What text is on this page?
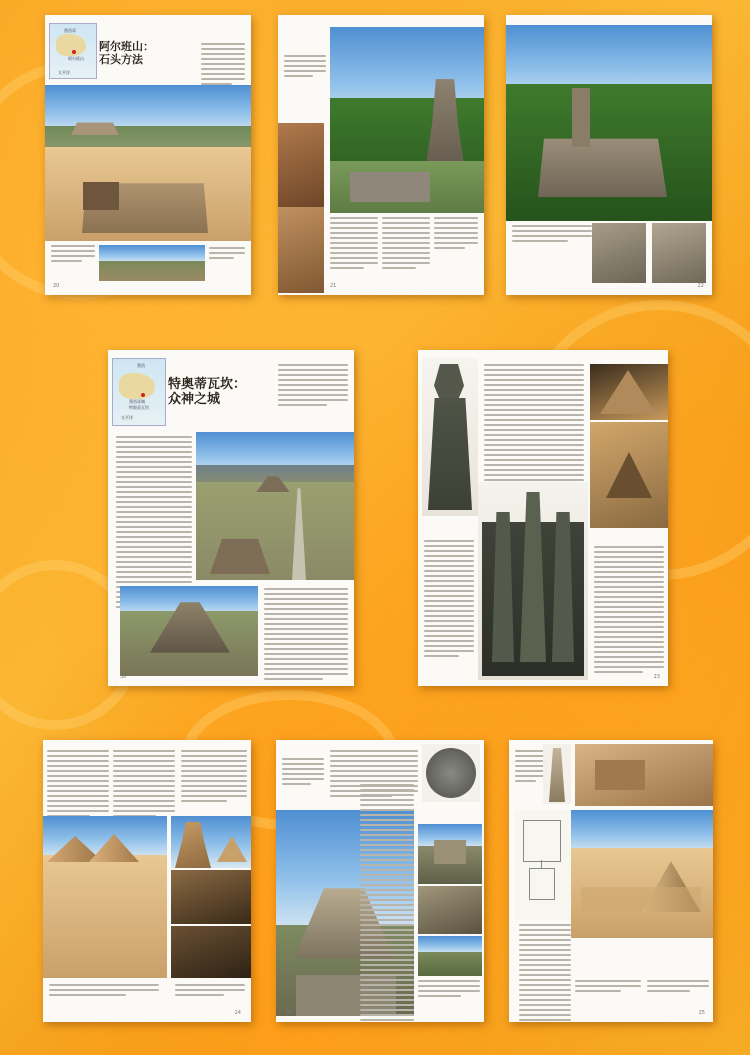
墨西哥
阿尔班山
太平洋
阿尔班山：
石头方法
20	21	22
墨西
墨西哥城
特奥蒂瓦坎
太平洋
特奥蒂瓦坎：
众神之城
30	23
24	22	25
